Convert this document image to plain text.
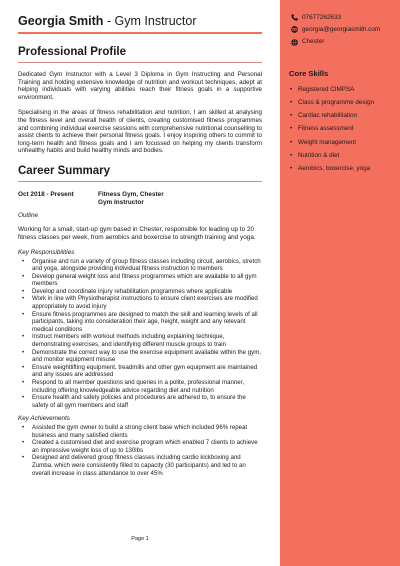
Georgia Smith - Gym Instructor
Professional Profile

Dedicated Gym Instructor with a Level 3 Diploma in Gym Instructing and Personal Training and holding extensive knowledge of nutrition and workout techniques, adept at helping individuals with varying abilities reach their fitness goals in a supportive environment.

Specialising in the areas of fitness rehabilitation and nutrition, I am skilled at analysing the fitness level and overall health of clients, creating customised fitness programmes and combining individual exercise sessions with comprehensive nutritional counselling to assist clients to achieve their personal fitness goals. I enjoy inspiring others to commit to long-term health and fitness goals and I am focussed on helping my clients transform unhealthy habits and build healthy minds and bodies.

Career Summary
Oct 2018 - Present	Fitness Gym, Chester
Gym Instructor
Outline

Working for a small, start-up gym based in Chester, responsible for leading up to 20 fitness classes per week, from aerobics and boxercise to strength training and yoga.

Key Responsibilities
• Organise and run a variety of group fitness classes including circuit, aerobics, stretch and yoga, alongside providing individual fitness instruction to members
• Develop general weight loss and fitness programmes which are available to all gym members
• Develop and coordinate injury rehabilitation programmes where applicable
• Work in line with Physiotherapist instructions to ensure client exercises are modified appropriately to avoid injury
• Ensure fitness programmes are designed to match the skill and learning levels of all participants, taking into consideration their age, height, weight and any relevant medical conditions
• Instruct members with workout methods including explaining technique, demonstrating exercises, and identifying different muscle groups to train
• Demonstrate the correct way to use the exercise equipment available within the gym, and monitor equipment misuse
• Ensure weightlifting equipment, treadmills and other gym equipment are maintained and any issues are addressed
• Respond to all member questions and queries in a polite, professional manner, including offering knowledgeable advice regarding diet and nutrition
• Ensure health and safety policies and procedures are adhered to, to ensure the safety of all gym members and staff
Key Achievements
• Assisted the gym owner to build a strong client base which included 96% repeat business and many satisfied clients
• Created a customised diet and exercise program which enabled 7 clients to achieve an impressive weight loss of up to 130lbs
• Designed and delivered group fitness classes including cardio kickboxing and Zumba, which were consistently filled to capacity (30 participants) and led to an overall increase in class attendance to over 45%
Page 1
07677262633
georgia@georgiasmith.com
Chester
Core Skills
• Registered CIMPSA
• Class & programme design
• Cardiac rehabilitation
• Fitness assessment
• Weight management
• Nutrition & diet
• Aerobics, boxercise, yoga
